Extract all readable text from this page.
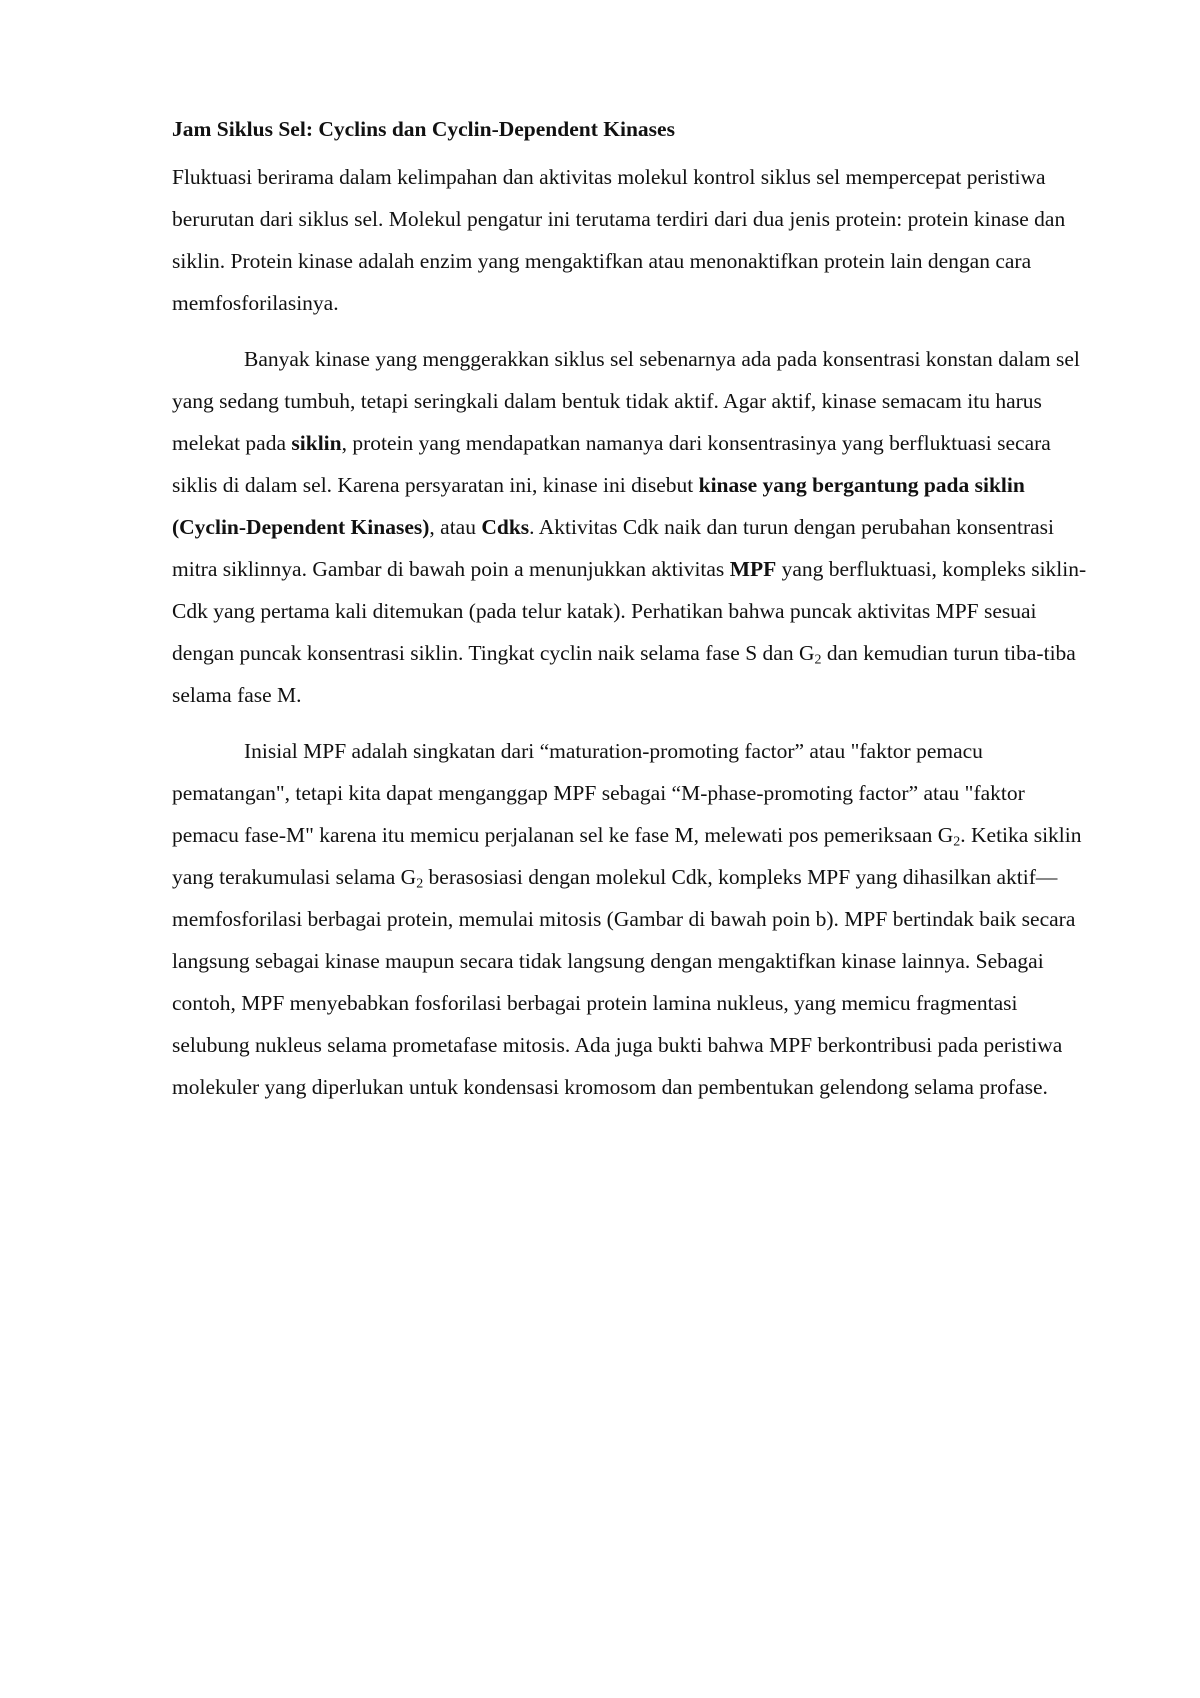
Jam Siklus Sel: Cyclins dan Cyclin-Dependent Kinases

Fluktuasi berirama dalam kelimpahan dan aktivitas molekul kontrol siklus sel mempercepat peristiwa berurutan dari siklus sel. Molekul pengatur ini terutama terdiri dari dua jenis protein: protein kinase dan siklin. Protein kinase adalah enzim yang mengaktifkan atau menonaktifkan protein lain dengan cara memfosforilasinya.

Banyak kinase yang menggerakkan siklus sel sebenarnya ada pada konsentrasi konstan dalam sel yang sedang tumbuh, tetapi seringkali dalam bentuk tidak aktif. Agar aktif, kinase semacam itu harus melekat pada siklin, protein yang mendapatkan namanya dari konsentrasinya yang berfluktuasi secara siklis di dalam sel. Karena persyaratan ini, kinase ini disebut kinase yang bergantung pada siklin (Cyclin-Dependent Kinases), atau Cdks. Aktivitas Cdk naik dan turun dengan perubahan konsentrasi mitra siklinnya. Gambar di bawah poin a menunjukkan aktivitas MPF yang berfluktuasi, kompleks siklin-Cdk yang pertama kali ditemukan (pada telur katak). Perhatikan bahwa puncak aktivitas MPF sesuai dengan puncak konsentrasi siklin. Tingkat cyclin naik selama fase S dan $G_2$ dan kemudian turun tiba-tiba selama fase M.

Inisial MPF adalah singkatan dari “maturation-promoting factor” atau "faktor pemacu pematangan", tetapi kita dapat menganggap MPF sebagai “M-phase-promoting factor” atau "faktor pemacu fase-M" karena itu memicu perjalanan sel ke fase M, melewati pos pemeriksaan $G_2$. Ketika siklin yang terakumulasi selama $G_2$ berasosiasi dengan molekul Cdk, kompleks MPF yang dihasilkan aktif—memfosforilasi berbagai protein, memulai mitosis (Gambar di bawah poin b). MPF bertindak baik secara langsung sebagai kinase maupun secara tidak langsung dengan mengaktifkan kinase lainnya. Sebagai contoh, MPF menyebabkan fosforilasi berbagai protein lamina nukleus, yang memicu fragmentasi selubung nukleus selama prometafase mitosis. Ada juga bukti bahwa MPF berkontribusi pada peristiwa molekuler yang diperlukan untuk kondensasi kromosom dan pembentukan gelendong selama profase.
